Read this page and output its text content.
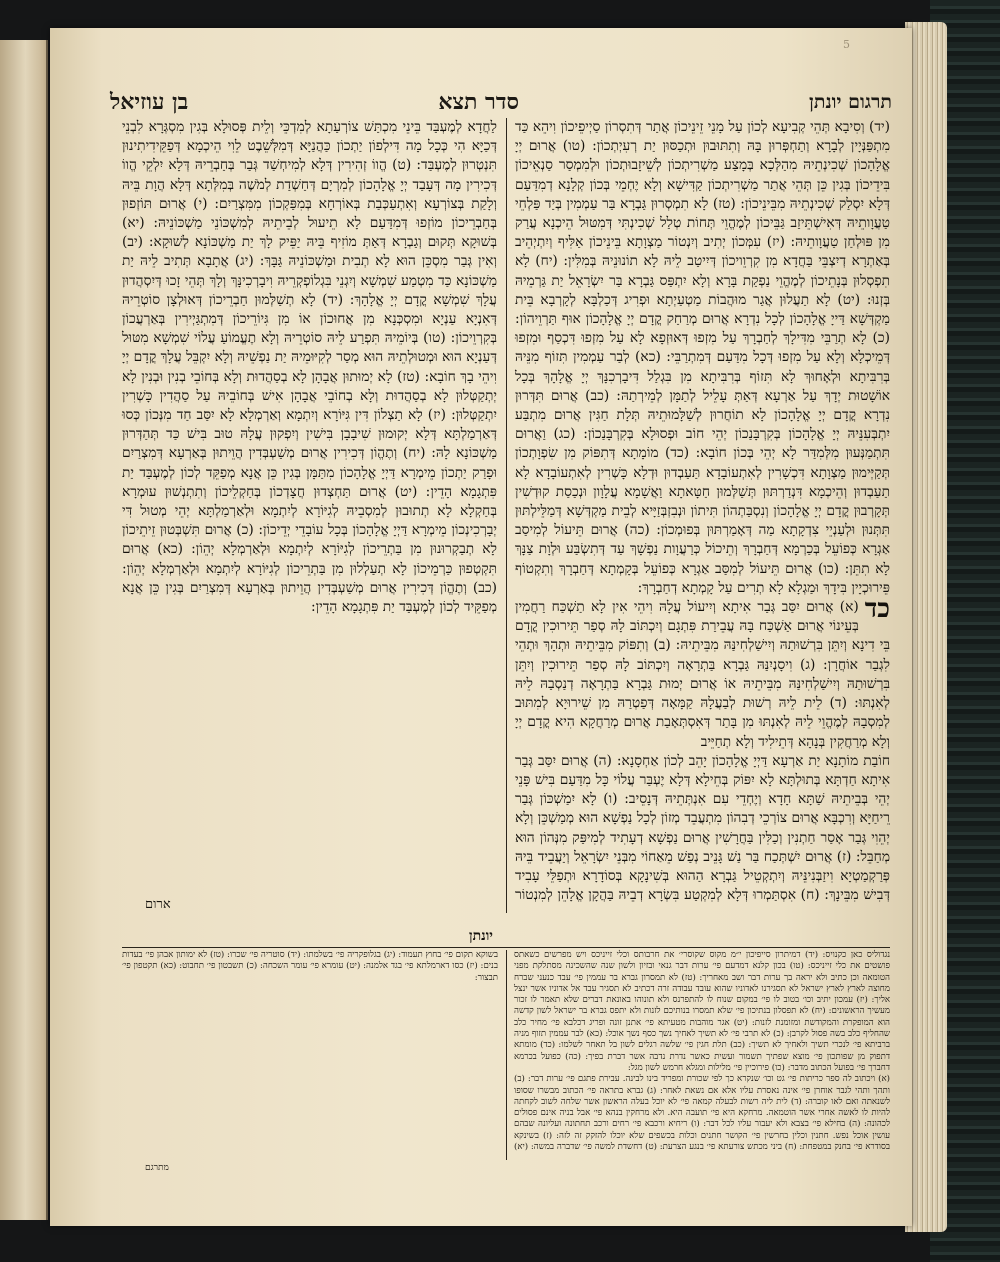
5
תרגום יונתן
סדר תצא
בן עוזיאל

(יד) וְסִיבָא תְּהֵי קְבִיעָא לְכוֹן עַל מָנֵי זֵינֵיכוֹן אֲתַר דְּתִסְרוֹן סַיְיפֵיכוֹן וִיהֵא כַּד מִתְפַּנְּיָין לְבָרָא וְתַחְפְּרוּן בָּהּ וְתִתּוּבוּן וּתְכַסּוּן יַת רְעִיְתְכוֹן: (טו) אֲרוּם יְיָ אֱלָהָכוֹן שְׁכִינְתֵיהּ מִהַלְּכָא בְּמָצַע מַשְׁרִיתְכוֹן לְשֵׁיזָבוּתְכוֹן וּלְמִמְסַר סַנְאֵיכוֹן בִּידֵיכוֹן בְּגִין כֵּן תְּהֵי אֲתַר מַשְׁרִיתְכוֹן קַדִּישָׁא וְלָא יֶחְמֵי בְּכוֹן קְלָנָא דְמִדַּעַם דְּלָא יִסְלַק שְׁכִינְתֵיהּ מִבֵּינֵיכוֹן: (טז) לָא תִמְסְרוּן גַּבְרָא בַּר עַמְמִין בְּיַד פַּלְחֵי טַעֲוָותֵיהּ דְּאִישְׁתֵּיזַב גַּבֵּיכוֹן לְמֶהֱוֵי תְּחוֹת טְלַל שְׁכִינְתִּי דְּמִטּוּל הֵיכְנָא עֲרַק מִן פּוּלְחַן טַעֲוָותֵיהּ: (יז) עִמְּכוֹן יְתִיב וְיִנְטוֹר מַצְוָתָא בֵּינֵיכוֹן אַלִּיף וְיִתְיְהֵיב בְּאַתְרָא דְיִצְבֵּי בַּחֲדָא מִן קִרְוֵויכוֹן דְּיִיטַב לֵיהּ לָא תוֹנוּנֵיהּ בְּמִלִּין: (יח) לָא תִפְסְלוּן בְּנָתֵיכוֹן לְמֶהֱוֵי נַפְקַת בָּרָא וְלָא יִתְפַּס גַּבְרָא בַּר יִשְׂרָאֵל יַת גַּרְמֵיהּ בְּזְנוּ: (יט) לָא תַעֲלוּן אֲגַר מוּהֲבוֹת מַטְעַיְתָא וּפְרִיג דְּכַלְבָּא לְקָרְבָא בֵּית מַקְדְּשָׁא דַּייָ אֱלָהָכוֹן לְכָל נִדְרָא אֲרוּם מְרַחַק קֳדָם יְיָ אֱלָהָכוֹן אוּף תַּרְוֵיהוֹן: (כ) לָא תְרַבֵּי מִדִּילָךְ לְחַבְרָךְ עַל מִזְפוּ דְּאוּזְפָא לָא עַל מִזְפוּ דִּכְסַף וּמִזְפוּ דְּמֵיכְלָא וְלָא עַל מִזְפוּ דְּכָל מִדַּעַם דְּמִתְרַבֵּי: (כא) לְבַר עַמְמִין תִּזוֹף מִנֵּיהּ בְּרִבִּיתָא וּלְאָחוּךְ לָא תִּזוֹף בְּרִבִּיתָא מִן בִּגְלַל דִּיבָרְכִנָּךְ יְיָ אֱלָהָךְ בְּכָל אוֹשָׁטוּת יְדָךְ עַל אַרְעָא דְּאַתְּ עָלֵיל לְתַמָּן לְמֵירְתַהּ: (כב) אֲרוּם תִּדְּרוּן נִדְרָא קֳדָם יְיָ אֱלָהָכוֹן לָא תוֹחֲרוּן לְשַׁלָּמוּתֵיהּ תְּלָת חַגִּין אֲרוּם מִתְבַּע יִתְבְּעִנֵּיהּ יְיָ אֱלָהָכוֹן בְּקִרְבָּנַכוֹן יְהֵי חוֹב וּפְסוּלָא בְּקִרְבָּנַכוֹן: (כג) וַאֲרוּם תִּתְמַנְּעוּן מִלְּמִדַּר לָא יְהֵי בְּכוֹן חוֹבָא: (כד) מוֹמָתָא דְּתִפּוֹק מִן שִׂפְוָתְכוֹן תְּקַיְּימוּן מַצְוָתָא דִּכְשָׁרִין לְאִתְעוֹבָדָא תַּעַבְדוּן וּדְלָא כָּשְׁרִין לְאִתְעוֹבָדָא לָא תַעַבְדוּן וְהֵיכְמָא דִּנְדַרְתּוּן תְּשַׁלְּמוּן חַטָּאתָא וַאֲשָׁמָא עֲלָוָון וּנְכַסַת קוּדְשִׁין תְּקָרְבוּן קֳדָם יְיָ אֱלָהָכוֹן וְנִסְבַּתְהוֹן תִּיתוֹן וּנְבִזְבְּזַיָּיא לְבֵית מַקְדְּשָׁא דְּמַלֵּילְתּוּן תִּתְּנוּן וּלְעַנְיֵי צִדְקָתָא מַה דְּאָמַרְתּוּן בְּפוּמְכוֹן: (כה) אֲרוּם תֵּיעוֹל לְמִיסַב אַגְרָא כְּפוֹעֵל בְּכַרְמָא דְּחַבְרָךְ וְתֵיכוֹל כְּרַעֲוָות נַפְשָׁךְ עַד דְּתִשְׂבַּע וּלְוָת צַנָּךְ לָא תִתֵּן: (כו) אֲרוּם תֵּיעוֹל לְמִסַּב אַגְרָא כְּפוֹעֵל בְּקָמְתָא דְּחַבְרָךְ וְתִקְטוֹף פֵּירוּכְיָין בִּידָךְ וּמַגְלָא לָא תְרִים עַל קָמְתָא דְחַבְרָךְ:

כד
(א) אֲרוּם יִסַּב גְּבַר אִיתָא וְיִיעוֹל עֲלָהּ וִיהֵי אִין לָא תַשְׁכַּח רַחֲמִין בְּעֵינוֹי אֲרוּם אַשְׁכַּח בָּהּ עֲבֵירַת פִּתְגָם וְיִכְתּוֹב לָהּ סְפַר תֵּירוּכִין קֳדָם בֵּי דִינָא וְיִתֵּן בִּרְשׁוּתַהּ וְיִישַׁלְחִינַּהּ מִבֵּיתֵיהּ: (ב) וְתִפּוֹק מִבֵּיתֵיהּ וּתְהָךְ וּתְהֵי לִגְבַר אוֹחֲרָן: (ג) וִיסָנְיִנַּהּ גַּבְרָא בַּתְרָאָה וְיִכְתּוֹב לָהּ סְפַר תֵּירוּכִין וְיִתֵּן בִּרְשׁוּתַהּ וְיִישַׁלְחִינַּהּ מִבֵּיתֵיהּ אוֹ אֲרוּם יְמוּת גַּבְרָא בַּתְרָאָה דְנַסְבַהּ לֵיהּ לְאִנְתּוּ: (ד) לֵית לֵיהּ רְשׁוּת לְבַעֲלָהּ קַמָּאָה דְּפַטְרַהּ מִן שֵׁירוּיָא לְמִתּוּב לְמִסְבָהּ לְמֶהֱוֵי לֵיהּ לְאִנְתּוּ מִן בָּתַר דְּאִסְתְּאָבַת אֲרוּם מְרַחֲקָא הִיא קֳדָם יְיָ וְלָא מְרַחֲקִין בְּנָהָא דְּתֵילִיד וְלָא תְחַיֵּיב

חוֹבַת מוֹתָנָא יַת אַרְעָא דַּיְיָ אֱלָהָכוֹן יָהֵב לְכוֹן אַחְסָנָא: (ה) אֲרוּם יִסַּב גְּבַר אִיתָא חַדְתָּא בְּתוּלְתָּא לָא יִפּוֹק בְּחֵילָא דְּלָא יֶעְבַּר עֲלוֹי כָּל מִדַּעַם בִּישׁ פָּנֵי יְהֵי בְּבֵיתֵיהּ שַׁתָּא חָדָא וְיֶחְדֵי עִם אִנְתְּתֵיהּ דְּנָסֵיב: (ו) לָא יִמַשְׁכּוֹן גְּבַר רֵיחַיָּא וְרִכְבָּא אֲרוּם צוֹרְכֵי דְבִהוֹן מִתְעֲבֵד מְזוֹן לְכָל נַפְשָׁא הוּא מְמַשְׁכֵּן וְלָא יְהֵוִי גְּבַר אָסַר חַתְנִין וְכַלִּין בַּחֲרָשִׁין אֲרוּם נַפְשָׁא דְעָתִיד לְמִיפַּק מִנְּהוֹן הוּא מְחַבֵּל: (ז) אֲרוּם יִשְׁתְּכַח בַּר נַשׁ גָּנֵיב נְפַשׁ מֵאַחוֹי מִבְּנֵי יִשְׂרָאֵל וְיַעֲבֵיד בֵּיהּ פְּרַקְמַטְיָא וִיזַבְּנִינֵּיהּ וְיִתְקְטֵיל גַּבְרָא הַהוּא בְּשִׁינָקָא בְּסוֹדָרָא וּתְפַלֵּי עָבִיד דְּבִישׁ מִבֵּינָךְ: (ח) אִסְתַּמְרוּ דְּלָא לְמִקְטַע בִּשְׂרָא דְבֵיהּ בַּהֲקָן אֱלָהֵן לְמִנְטוֹר לַחֲדָא לְמֶעְבַּד בֵּינֵי מִכְתַּשׁ צוֹרְעַתָא לְמִדְכֵּי וְלֵית פְּסוּלָא בְּגִין מִסְגְּרָא לִבְנֵי דְּכַיָּא הִי כְּכָל מָה דִּילְפוֹן יַתְכוֹן כַּהֲנַיָּא דְּמִלְּשֵׁבֶט לֵוִי הֵיכְמָא דְּפַקֵּידִיתִינוּן תִּנְטְרוּן לְמֶעְבַּד: (ט) הֱווֹ זְהִירִין דְּלָא לְמִיחְשַׁד גְּבַר בְּחַבְרֵיהּ דְּלָא יִלְקֵי הֱווֹ דְּכִירִין מָה דְּעָבַד יְיָ אֱלָהָכוֹן לְמִרְיָם דְּחַשְׁדַת לְמֹשֶׁה בְּמִלְּתָא דְּלָא הֲוָת בֵּיהּ וְלָקַת בְּצוֹרְעָא וְאִתְעַכְּבַת בְּאוֹרְחָא בְּמִפַּקְכוֹן מִמִּצְרַיִם: (י) אֲרוּם תּוֹזְפוּן בְּחַבְרֵיכוֹן מוֹזְפוּ דְּמִדַּעַם לָא תֵיעוּל לְבֵיתֵיהּ לְמִשְׁכּוֹנֵי מַשְׁכּוֹנֵיהּ: (יא) בְּשׁוּקָא תְּקוּם וְגַבְרָא דְּאַתְּ מוֹזִיף בֵּיהּ יַפֵּיק לָךְ יַת מַשְׁכּוֹנָא לְשׁוּקָא: (יב) וְאִין גְּבַר מִסְכֵּן הוּא לָא תְבִית וּמַשְׁכּוֹנֵיהּ גַּבָּךְ: (יג) אֲתָבָא תְּתִיב לֵיהּ יַת מַשְׁכּוֹנָא כַּד מִטְמַע שִׁמְשָׁא וְיִגְנֵי בִּגְלוֹפְקְרֵיהּ וִיבָרְכִינָּךְ וְלָךְ תְּהֵי זָכוּ דְּיִסְהֲדוּן עֲלָךְ שִׁמְשָׁא קֳדָם יְיָ אֱלָהָךְ: (יד) לָא תְשַׁלְּמוּן חַבְרֵיכוֹן דְּאוּלְצָן סוֹטְרֵיהּ דְּאִנְיָא עַנְיָא וּמִסְכְּנָא מִן אֲחוּכוֹן אוֹ מִן גִּיוֹרֵיכוֹן דְּמִתְגַּיְירִין בְּאַרְעֲכוֹן בְּקִרְוֵיכוֹן: (טו) בְּיוֹמֵיהּ תִּפְרַע לֵיהּ סוֹטְרֵיהּ וְלָא תֶעֱמוֹעַ עֲלוֹי שִׁמְשָׁא מִטּוּל דְּעַנְיָא הוּא וּמְטוּלְתֵיהּ הוּא מְסַר לְקִיּוּמֵיהּ יַת נַפְשֵׁיהּ וְלָא יִקְבֵּל עֲלָךְ קֳדָם יְיָ וִיהֵי בָךְ חוֹבָא: (טז) לָא יְמוּתוּן אֲבָהָן לָא בְסַהֲדוּת וְלָא בְּחוֹבֵי בְנִין וּבְנִין לָא יְתְקַטְּלוּן לָא בְסַהֲדוּת וְלָא בְחוֹבֵי אֲבָהָן אִישׁ בְּחוֹבֵיהּ עַל סַהֲדִין כָּשְׁרִין יִתְקַטְּלוּן: (יז) לָא תַצְלוֹן דִּין גִּיּוֹרָא וְיִתְמָא וְאַרְמְלָא לָא יִסַּב חַד מִנְּכוֹן כְּסוּ דְּאַרְמַלְתָּא דְּלָא יְקוּמוּן שִׁיבָבָן בִּישִׁין וְיִפְקוּן עֲלָהּ טוּב בִּישׁ כַּד תְּהַדְּרוּן מַשְׁכּוֹנָא לָהּ: (יח) וְתֶהֱוֹן דְּכִירִין אֲרוּם מְשַׁעְבְּדִין הֲוֵיתוּן בְּאַרְעָא דְּמִצְרַיִם וּפָרַק יַתְכוֹן מֵימְרָא דַּיְיָ אֱלָהָכוֹן מִתַּמָּן בְּגִין כֵּן אֲנָא מְפַקֵּד לְכוֹן לְמֶעְבַּד יַת פִּתְגָמָא הָדֵין: (יט) אֲרוּם תַּחְצְדוּן חֲצָדְכוֹן בְּחַקְלֵיכוֹן וְתִתְנְשׁוּן עוּמְרָא בְּחַקְלָא לָא תְתוּבוּן לְמִסְבֵיהּ לְגִיּוֹרָא לְיִתְמָא וּלְאַרְמַלְתָּא יְהֵי מְטוּל דִּי יְבָרְכִינְכוֹן מֵימְרָא דַּיְיָ אֱלָהָכוֹן בְּכָל עוֹבָדֵי יְדֵיכוֹן: (כ) אֲרוּם תִּשְׁבְּטוּן זֵיתֵיכוֹן לָא תְבַקְרוּנוּן מִן בַּתְרֵיכוֹן לְגִיּוֹרָא לְיִתְמָא וּלְאַרְמְלָא יְהֵוֹן: (כא) אֲרוּם תִּקְטְפוּן כַּרְמֵיכוֹן לָא תְעַלְלוּן מִן בַּתְרֵיכוֹן לְגִיּוֹרָא לְיִתְמָא וּלְאַרְמְלָא יְהֵוֹן: (כב) וְתֶהֱוֹן דְּכִירִין אֲרוּם מְשַׁעְבְּדִין הֲוֵיתוּן בְּאַרְעָא דְּמִצְרַיִם בְּגִין כֵּן אֲנָא מְפַקֵּיד לְכוֹן לְמֶעְבַּד יַת פִּתְגָמָא הָדֵין:

ארום
יונתן

נגדוליס כאן כקנויס: (יד) דמיתרון סייפיכון י״מ מקוס שקוסרי׳ את חרבותס וכלי זייניכס ויש מפרשים כשאתס פושטים את כלי זייניכס: (טו) בכון קלנא דמדעם פי׳ ערות דבר גנאי ובזיון ולשון שנה שהשכינה מסתלקת מפני הטומאה וכן כתיב ולא יראה בך ערות דבר ושב מאחריך: (טז) לא תמסרון גברא בר עממין פי׳ עבד כנעני שברח מחוצה לארץ לארץ ישראל לא תסגירנו לאדוניו שהוא עובד עבודה זרה דכתיב לא תסגיר עבד אל אדוניו אשר ינצל אליך: (יז) עמכון יתיב וכו׳ בטוב לו פי׳ במקום שנוח לו להתפרנס ולא תונוהו באונאת דברים שלא תאמר לו זכור מעשיך הראשונים: (יח) לא תפסלון בנתיכון פי׳ שלא תמסרו בנותיכם לזנות ולא יתפס גברא בר ישראל לשון קדשה הוא המופקרת והמקודשת ומזומנת לזנות: (יט) אגר מוהבות מטעיתא פי׳ אתנן זונה ופריג דכלבא פי׳ מחיר כלב שהחליף כלב בשה פסול לקרבן: (כ) לא תרבי פי׳ לא תשיך לאחיך נשך כסף נשך אוכל: (כא) לבר עממין תזוף מניה ברביתא פי׳ לנכרי תשיך ולאחיך לא תשיך: (כב) תלת חגין פי׳ שלשה רגלים לשון בל תאחר לשלמו: (כד) מומתא דתפוק מן שפותכון פי׳ מוצא שפתיך תשמור ועשית כאשר נדרת נדבה אשר דברת בפיך: (כה) כפועל בכרמא דחברך פי׳ בפועל הכתוב מדבר: (כו) פירוכיין פי׳ מלילות ומגלא חרמש לשון מגל:

(א) ויכתוב לה ספר כריתות פי׳ גט וכו׳ שנקרא כך לפי שכורת ומפריד בינו לבינה. עבירת פתגם פי׳ ערות דבר: (ב) ותהך ותהי לגבר אוחרן פי׳ אינה נאסרת עליו אלא אם נשאת לאחר: (ג) גברא בתראה פי׳ הכתוב מבשרו שסופו לשנאתה ואם לאו קוברה: (ד) לית ליה רשות לבעלה קמאה פי׳ לא יוכל בעלה הראשון אשר שלחה לשוב לקחתה להיות לו לאשה אחרי אשר הוטמאה. מרחקא היא פי׳ תועבה היא. ולא מרחקין בנהא פי׳ אבל בניה אינם פסולים לכהונה: (ה) בחילא פי׳ בצבא ולא יעבור עליו לכל דבר: (ו) ריחיא ורכבא פי׳ רחים ורכב תחתונה ועליונה שבהם עושין אוכל נפש. חתנין וכלין בחרשין פי׳ הקושר חתנים וכלות בכשפים שלא יוכלו להזקק זה לזה: (ז) בשינקא בסודרא פי׳ בחנק במטפחת: (ח) ביני מכתש צורעתא פי׳ בנגע הצרעת: (ט) דחשדת למשה פי׳ שדברה במשה: (יא) בשוקא תקום פי׳ בחוץ תעמוד: (יג) בגלופקריה פי׳ בשלמתו: (יד) סוטריה פי׳ שכרו: (טז) לא ימותון אבהן פי׳ בעדות בנים: (יז) כסו דארמלתא פי׳ בגד אלמנה: (יט) עומרא פי׳ עומר השכחה: (כ) תשבטון פי׳ תחבוט: (כא) תקטפון פי׳ תבצור:

מתרגם
